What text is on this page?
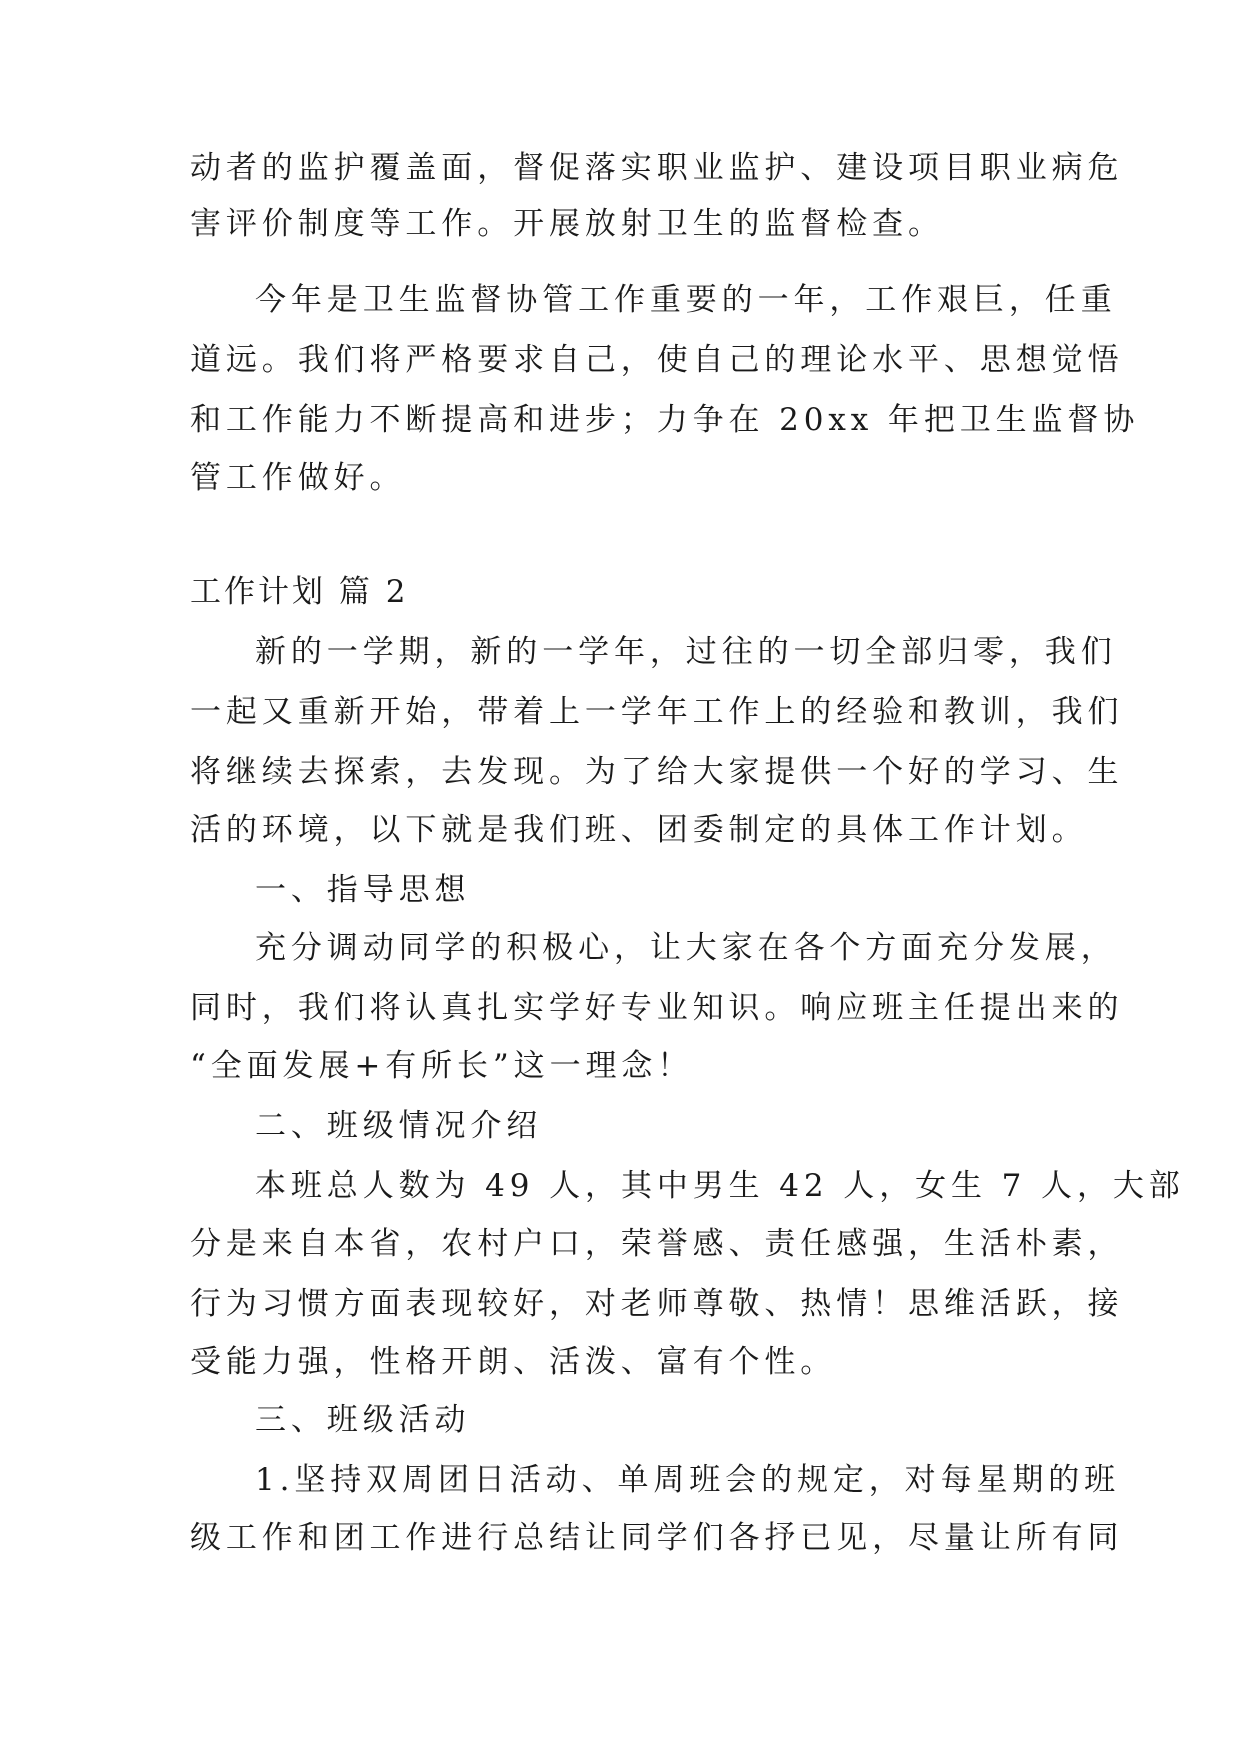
动者的监护覆盖面，督促落实职业监护、建设项目职业病危
害评价制度等工作。开展放射卫生的监督检查。
今年是卫生监督协管工作重要的一年，工作艰巨，任重
道远。我们将严格要求自己，使自己的理论水平、思想觉悟
和工作能力不断提高和进步；力争在 20xx 年把卫生监督协
管工作做好。
工作计划 篇 2
新的一学期，新的一学年，过往的一切全部归零，我们
一起又重新开始，带着上一学年工作上的经验和教训，我们
将继续去探索，去发现。为了给大家提供一个好的学习、生
活的环境，以下就是我们班、团委制定的具体工作计划。
一、指导思想
充分调动同学的积极心，让大家在各个方面充分发展，
同时，我们将认真扎实学好专业知识。响应班主任提出来的
“全面发展+有所长”这一理念！
二、班级情况介绍
本班总人数为 49 人，其中男生 42 人，女生 7 人，大部
分是来自本省，农村户口，荣誉感、责任感强，生活朴素，
行为习惯方面表现较好，对老师尊敬、热情！思维活跃，接
受能力强，性格开朗、活泼、富有个性。
三、班级活动
1.坚持双周团日活动、单周班会的规定，对每星期的班
级工作和团工作进行总结让同学们各抒已见，尽量让所有同
